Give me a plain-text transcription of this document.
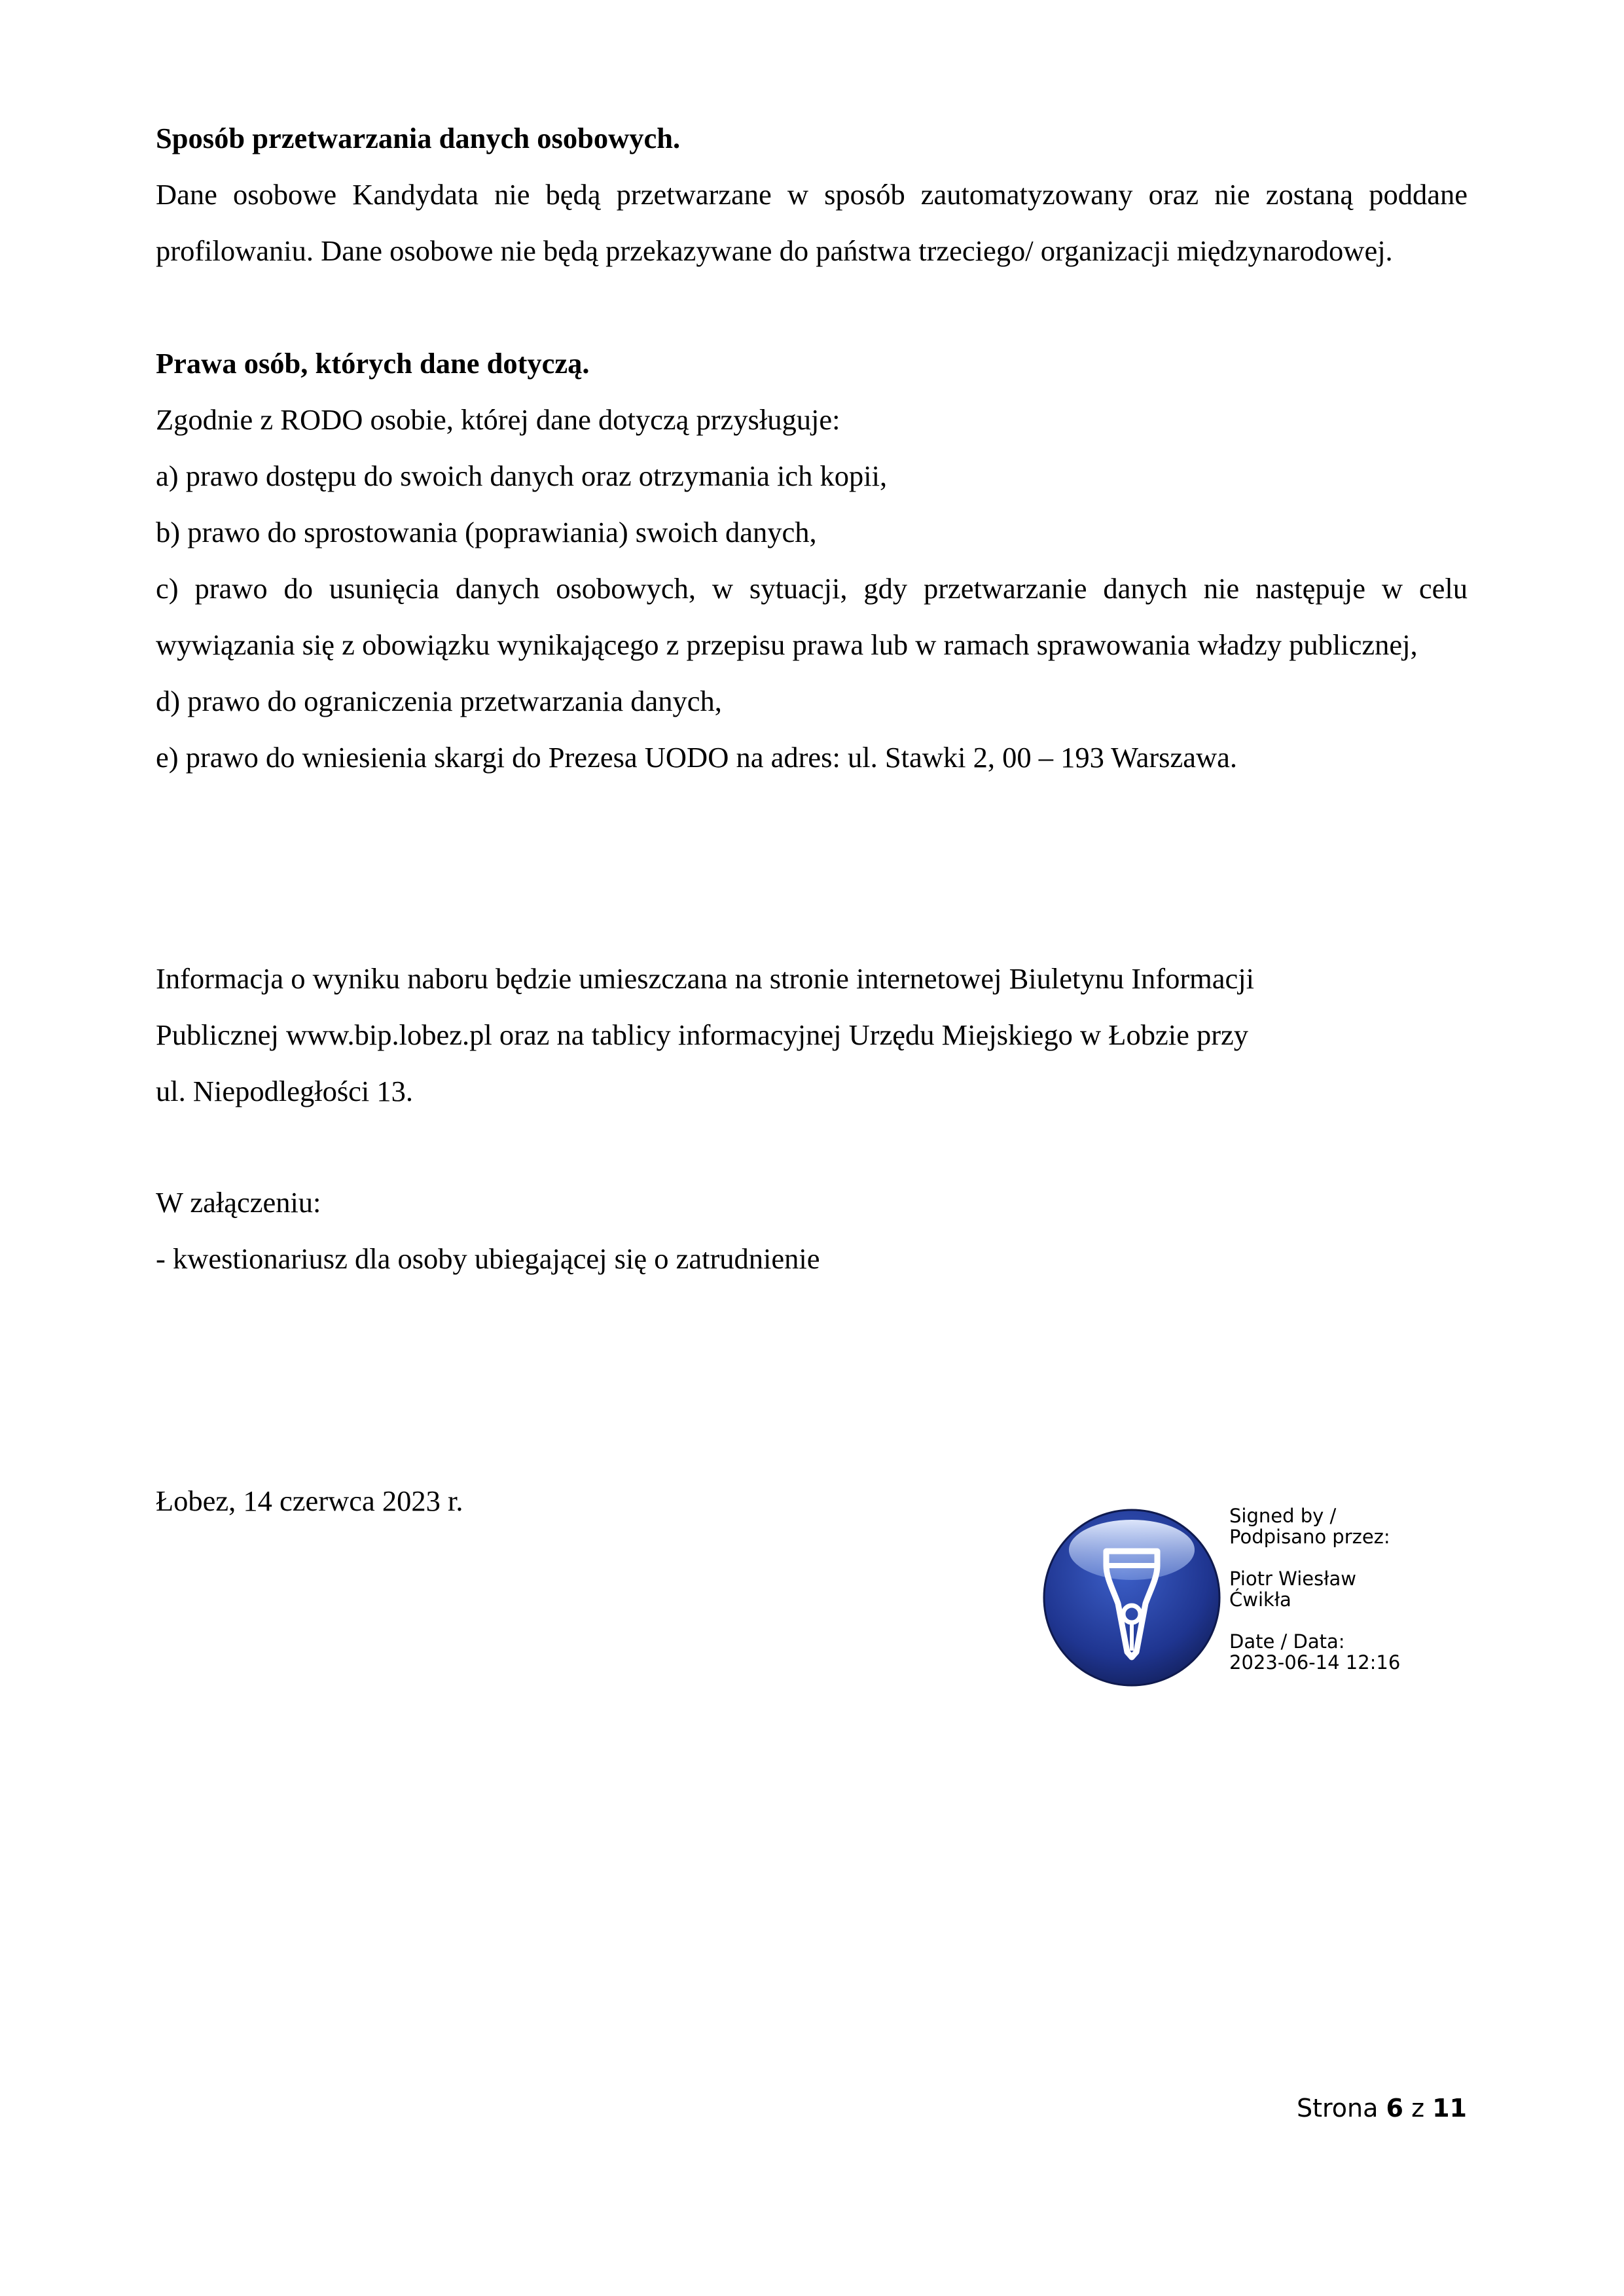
Sposób przetwarzania danych osobowych.

Dane osobowe Kandydata nie będą przetwarzane w sposób zautomatyzowany oraz nie zostaną poddane profilowaniu. Dane osobowe nie będą przekazywane do państwa trzeciego/ organizacji międzynarodowej.

Prawa osób, których dane dotyczą.

Zgodnie z RODO osobie, której dane dotyczą przysługuje:

a) prawo dostępu do swoich danych oraz otrzymania ich kopii,

b) prawo do sprostowania (poprawiania) swoich danych,

c) prawo do usunięcia danych osobowych, w sytuacji, gdy przetwarzanie danych nie następuje w celu wywiązania się z obowiązku wynikającego z przepisu prawa lub w ramach sprawowania władzy publicznej,

d) prawo do ograniczenia przetwarzania danych,

e) prawo do wniesienia skargi do Prezesa UODO na adres: ul. Stawki 2, 00 – 193 Warszawa.

Informacja o wyniku naboru będzie umieszczana na stronie internetowej Biuletynu Informacji

Publicznej www.bip.lobez.pl oraz na tablicy informacyjnej Urzędu Miejskiego w Łobzie przy

ul. Niepodległości 13.

W załączeniu:

- kwestionariusz dla osoby ubiegającej się o zatrudnienie

Łobez, 14 czerwca 2023 r.	Signed by /
Podpisano przez:
Piotr Wiesław
Ćwikła
Date / Data:
2023-06-14 12:16
Strona 6 z 11
